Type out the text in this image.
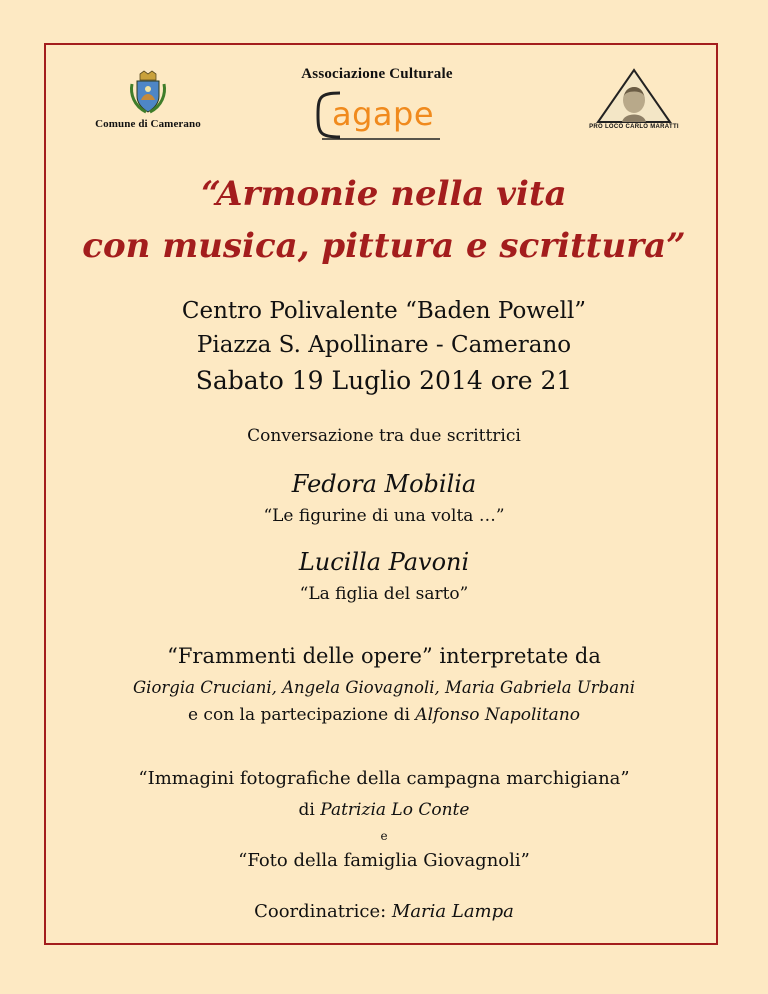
Comune di Camerano
Associazione Culturale
agape	PRO LOCO CARLO MARATTI
“Armonie nella vita
con musica, pittura e scrittura”
Centro Polivalente “Baden Powell”
Piazza S. Apollinare - Camerano
Sabato 19 Luglio 2014 ore 21
Conversazione tra due scrittrici
Fedora Mobilia
“Le figurine di una volta …”
Lucilla Pavoni
“La figlia del sarto”
“Frammenti delle opere” interpretate da
Giorgia Cruciani, Angela Giovagnoli, Maria Gabriela Urbani
e con la partecipazione di Alfonso Napolitano
“Immagini fotografiche della campagna marchigiana”
di Patrizia Lo Conte
e
“Foto della famiglia Giovagnoli”
Coordinatrice: Maria Lampa
